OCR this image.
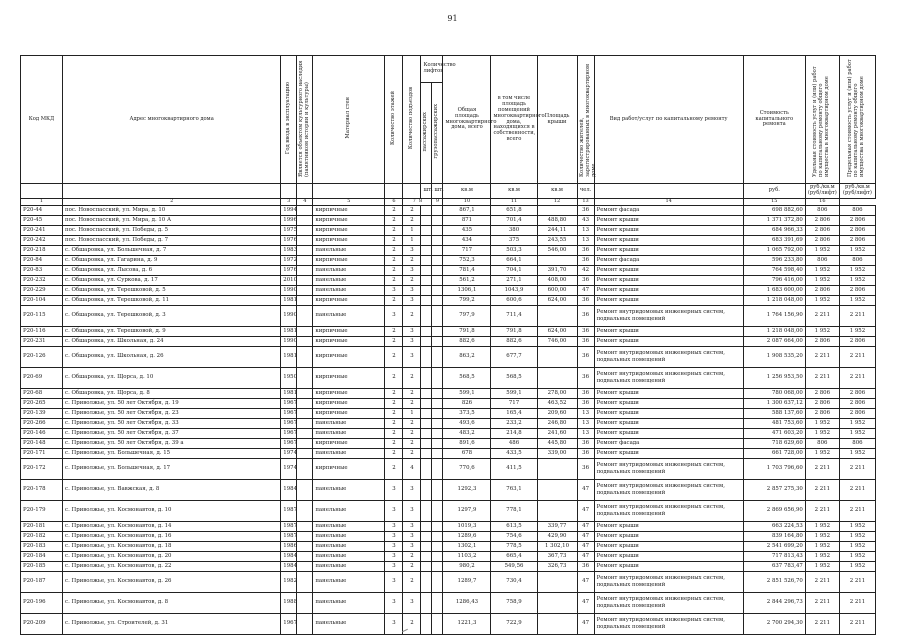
91
Код МКД	Адрес многоквартирного дома	Год ввода в эксплуатацию	Является объектом культурного наследия (памятником истории и культуры)	Материал стен	Количество этажей	Количество подъездов	Количество лифтов		Общая площадь многоквартирного дома, всего	в том числе площадь помещений многоквартирного дома, находящихся в собственности, всего	Площадь крыши	Количество жителей, зарегистрированных в многоквартирном доме	Вид работ/услуг по капитальному ремонту	Стоимость капитального ремонта	Удельная стоимость услуг и (или) работ по капитальному ремонту общего имущества в многоквартирном доме	Предельная стоимость услуг и (или) работ по капитальному ремонту общего имущества в многоквартирном доме
							пассажирских	грузопассажирских								
							шт.	шт.	кв.м	кв.м	кв.м	чел.		руб.	руб./кв.м (руб/лифт)	руб./кв.м (руб/лифт)
1	2	3	4	5	6	7 8		9	10	11	12	13	14	15	16	
P20-44	пос. Новоспасский, ул. Мира, д. 10	1994		кирпичные	2	2			867,1	651,8		36	Ремонт фасада	698 882,60	806	806
P20-45	пос. Новоспасский, ул. Мира, д. 10 А	1996		кирпичные	2	2			871	701,4	488,80	43	Ремонт крыши	1 371 372,80	2 806	2 806
P20-241	пос. Новоспасский, ул. Победы, д. 5	1975		кирпичные	2	1			435	380	244,11	13	Ремонт крыши	684 966,33	2 806	2 806
P20-242	пос. Новоспасский, ул. Победы, д. 7	1976		кирпичные	2	1			434	375	243,55	13	Ремонт крыши	683 391,69	2 806	2 806
P20-218	с. Обшаровка, ул. Большечная, д. 7	1983		панельные	2	3			717	503,3	546,00	36	Ремонт крыши	1 065 792,00	1 952	1 952
P20-84	с. Обшаровка, ул. Гагарина, д. 9	1972		кирпичные	2	2			752,3	664,1		36	Ремонт фасада	596 233,80	806	806
P20-83	с. Обшаровка, ул. Лысова, д. 6	1976		панельные	2	3			781,4	704,1	391,70	42	Ремонт крыши	764 598,40	1 952	1 952
P20-232	с. Обшаровка, ул. Суркова, д. 17	2010		панельные	2	2			561,2	271,1	408,00	36	Ремонт крыши	796 416,00	1 952	1 952
P20-229	с. Обшаровка, ул. Терешковой, д. 5	1990		панельные	3	3			1306,1	1043,9	600,00	47	Ремонт крыши	1 683 600,00	2 806	2 806
P20-104	с. Обшаровка, ул. Терешковой, д. 11	1981		кирпичные	2	3			799,2	600,6	624,00	36	Ремонт крыши	1 218 048,00	1 952	1 952
P20-115	с. Обшаровка, ул. Терешковой, д. 3	1990		панельные	3	2			797,9	711,4		36	Ремонт внутридомовых инженерных систем, подвальных помещений	1 764 156,90	2 211	2 211
P20-116	с. Обшаровка, ул. Терешковой, д. 9	1981		кирпичные	2	3			791,8	791,8	624,00	36	Ремонт крыши	1 218 048,00	1 952	1 952
P20-231	с. Обшаровка, ул. Школьная, д. 24	1990		кирпичные	2	3			882,6	882,6	746,00	36	Ремонт крыши	2 087 664,00	2 806	2 806
P20-126	с. Обшаровка, ул. Школьная, д. 26	1981		кирпичные	2	3			863,2	677,7		36	Ремонт внутридомовых инженерных систем, подвальных помещений	1 908 535,20	2 211	2 211
P20-69	с. Обшаровка, ул. Щорса, д. 10	1950		кирпичные	2	2			568,5	568,5		36	Ремонт внутридомовых инженерных систем, подвальных помещений	1 256 953,50	2 211	2 211
P20-68	с. Обшаровка, ул. Щорса, д. 8	1981		кирпичные	2	2			599,1	599,1	278,00	36	Ремонт крыши	780 068,00	2 806	2 806
P20-265	с. Приволжье, ул. 50 лет Октября, д. 19	1967		кирпичные	2	2			826	717	463,52	36	Ремонт крыши	1 300 637,12	2 806	2 806
P20-139	с. Приволжье, ул. 50 лет Октября, д. 23	1967		кирпичные	2	1			373,5	165,4	209,60	13	Ремонт крыши	588 137,60	2 806	2 806
P20-266	с. Приволжье, ул. 50 лет Октября, д. 33	1967		панельные	2	2			493,6	233,2	246,80	13	Ремонт крыши	481 753,60	1 952	1 952
P20-146	с. Приволжье, ул. 50 лет Октября, д. 37	1967		панельные	2	2			483,2	214,8	241,60	13	Ремонт крыши	471 603,20	1 952	1 952
P20-148	с. Приволжье, ул. 50 лет Октября, д. 39 а	1967		кирпичные	2	2			891,6	486	445,80	36	Ремонт фасада	718 629,60	806	806
P20-171	с. Приволжье, ул. Большечная, д. 15	1974		панельные	2	2			678	433,5	339,00	36	Ремонт крыши	661 728,00	1 952	1 952
P20-172	с. Приволжье, ул. Большечная, д. 17	1974		кирпичные	2	4			770,6	411,5		36	Ремонт внутридомовых инженерных систем, подвальных помещений	1 703 796,60	2 211	2 211
P20-178	с. Приволжье, ул. Вавжская, д. 8	1984		панельные	3	3			1292,3	763,1		47	Ремонт внутридомовых инженерных систем, подвальных помещений	2 857 275,30	2 211	2 211
P20-179	с. Приволжье, ул. Космонавтов, д. 10	1987		панельные	3	3			1297,9	778,1		47	Ремонт внутридомовых инженерных систем, подвальных помещений	2 869 656,90	2 211	2 211
P20-181	с. Приволжье, ул. Космонавтов, д. 14	1987		панельные	3	3			1019,3	613,5	339,77	47	Ремонт крыши	663 224,53	1 952	1 952
P20-182	с. Приволжье, ул. Космонавтов, д. 16	1987		панельные	3	3			1289,6	754,6	429,90	47	Ремонт крыши	839 164,80	1 952	1 952
P20-183	с. Приволжье, ул. Космонавтов, д. 18	1986		панельные	3	3			1302,1	778,5	1 302,10	47	Ремонт крыши	2 541 699,20	1 952	1 952
P20-184	с. Приволжье, ул. Космонавтов, д. 20	1984		панельные	3	2			1103,2	665,4	367,73	47	Ремонт крыши	717 813,43	1 952	1 952
P20-185	с. Приволжье, ул. Космонавтов, д. 22	1984		панельные	3	2			980,2	549,56	326,73	36	Ремонт крыши	637 783,47	1 952	1 952
P20-187	с. Приволжье, ул. Космонавтов, д. 26	1982		панельные	3	2			1289,7	730,4		47	Ремонт внутридомовых инженерных систем, подвальных помещений	2 851 526,70	2 211	2 211
P20-196	с. Приволжье, ул. Космонавтов, д. 8	1988		панельные	3	3			1286,43	758,9		47	Ремонт внутридомовых инженерных систем, подвальных помещений	2 844 296,73	2 211	2 211
P20-209	с. Приволжье, ул. Строителей, д. 31	1967		панельные	3	2			1221,3	722,9		47	Ремонт внутридомовых инженерных систем, подвальных помещений	2 700 294,30	2 211	2 211
